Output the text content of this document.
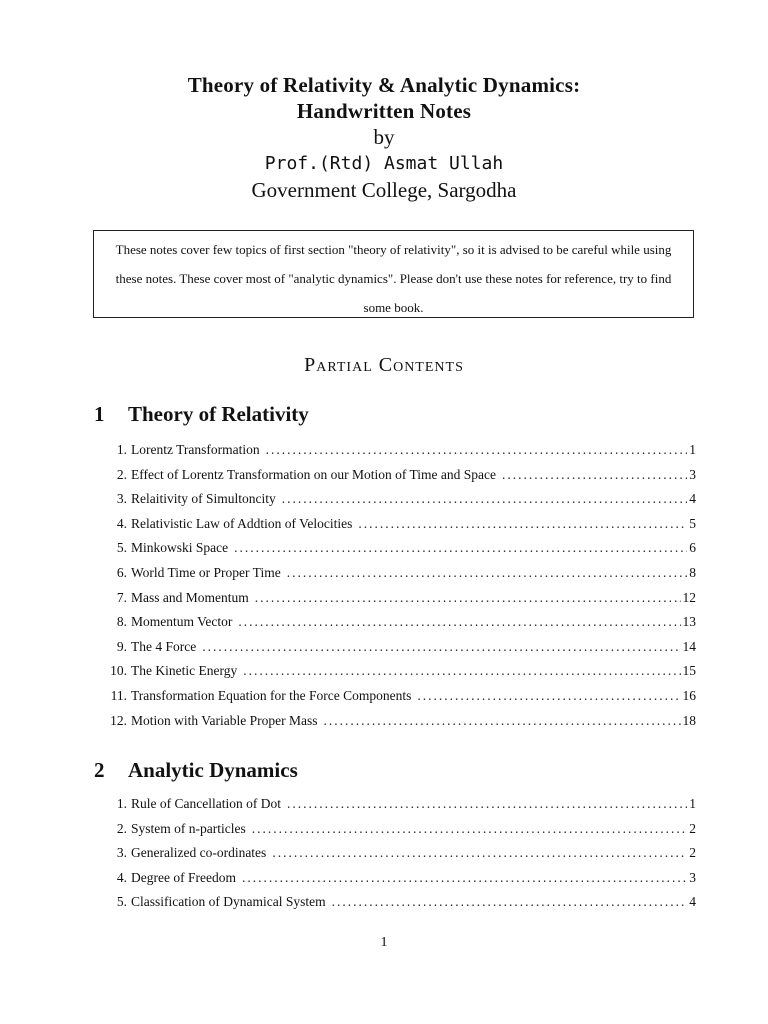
Theory of Relativity & Analytic Dynamics:
Handwritten Notes
by
Prof.(Rtd) Asmat Ullah
Government College, Sargodha
These notes cover few topics of first section "theory of relativity", so it is advised to be careful while using these notes. These cover most of "analytic dynamics". Please don't use these notes for reference, try to find some book.
Partial Contents
1 Theory of Relativity
1. Lorentz Transformation .....	1
2. Effect of Lorentz Transformation on our Motion of Time and Space .....	3
3. Relaitivity of Simultoncity .....	4
4. Relativistic Law of Addtion of Velocities .....	5
5. Minkowski Space .....	6
6. World Time or Proper Time .....	8
7. Mass and Momentum .....	12
8. Momentum Vector .....	13
9. The 4 Force .....	14
10. The Kinetic Energy .....	15
11. Transformation Equation for the Force Components .....	16
12. Motion with Variable Proper Mass .....	18
2 Analytic Dynamics
1. Rule of Cancellation of Dot .....	1
2. System of n-particles .....	2
3. Generalized co-ordinates .....	2
4. Degree of Freedom .....	3
5. Classification of Dynamical System .....	4
1
